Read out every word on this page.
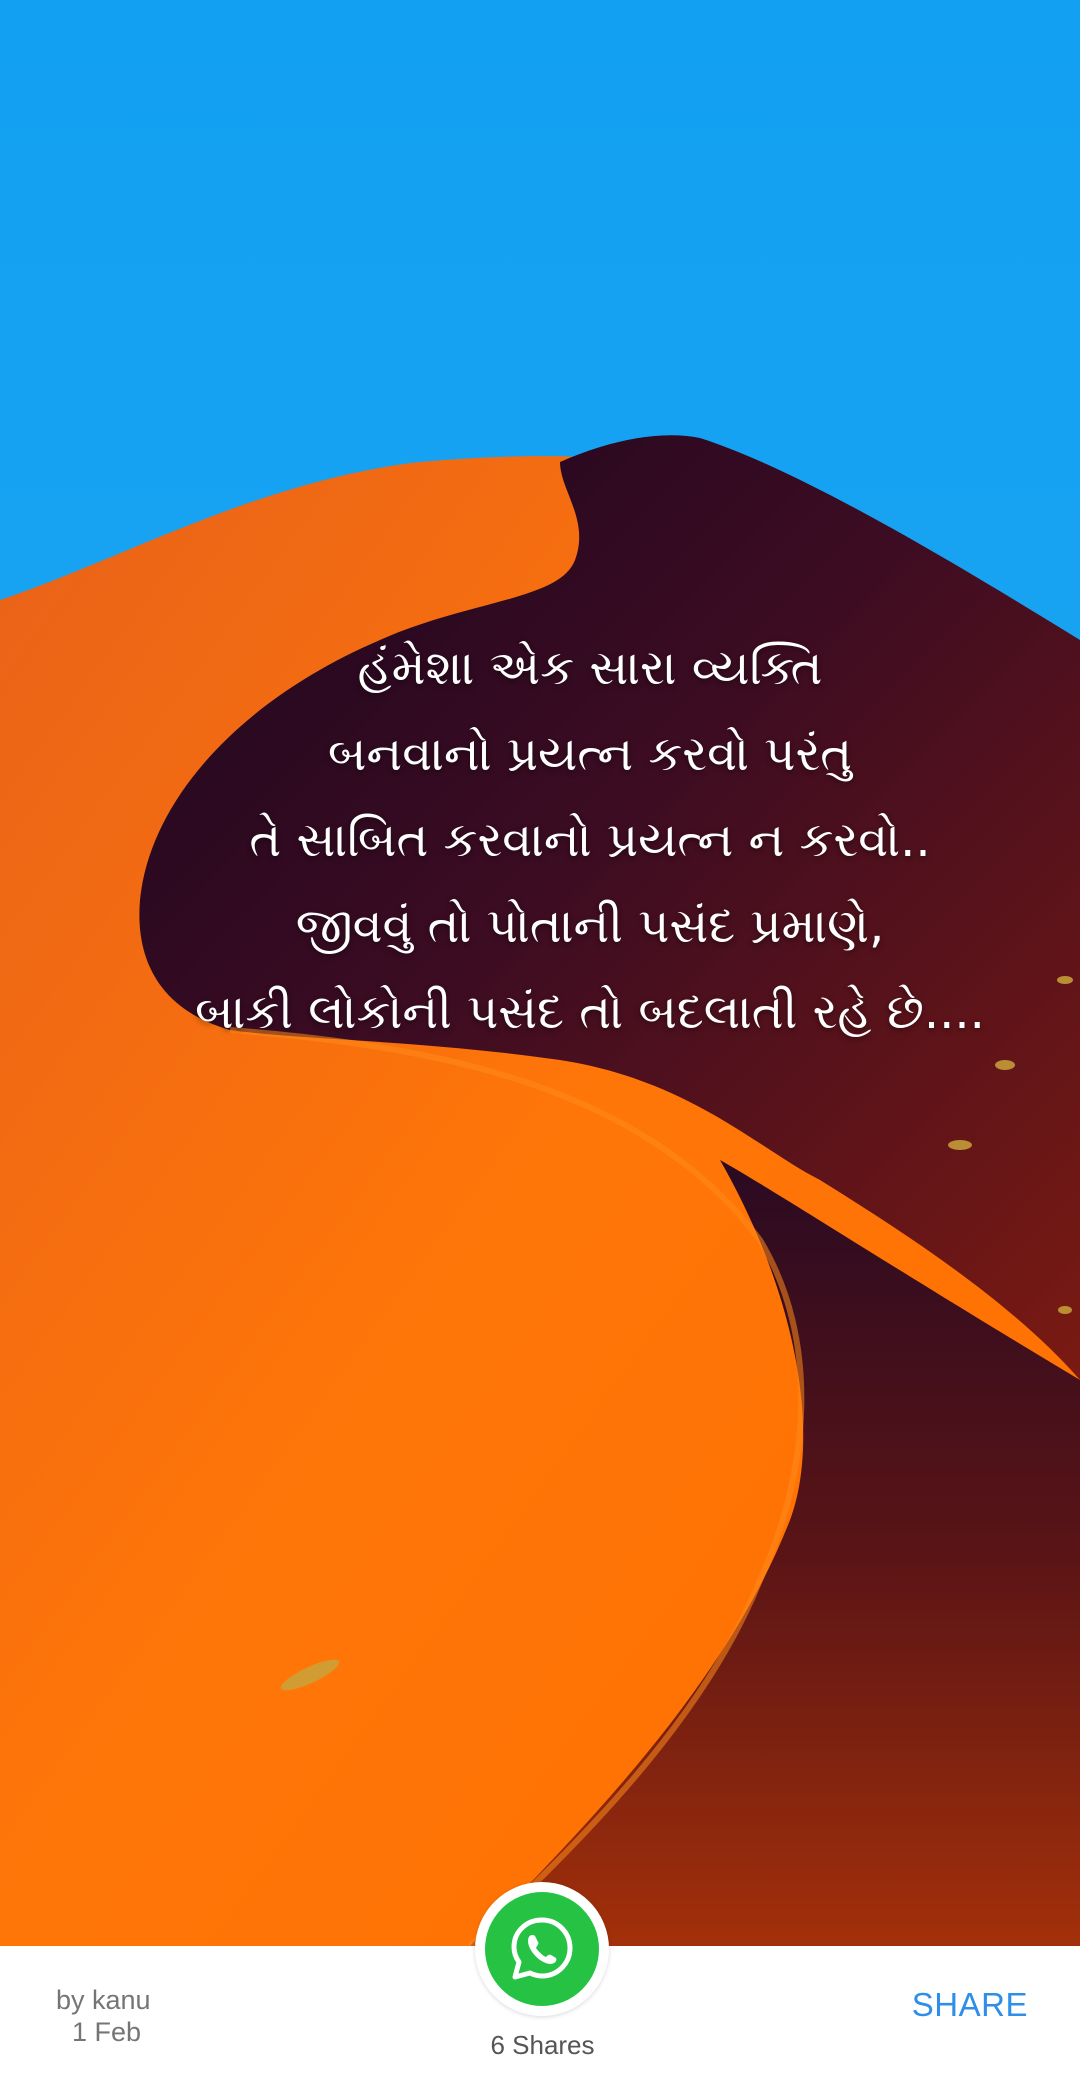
હંમેશા એક સારા વ્યક્તિ
બનવાનો પ્રયત્ન કરવો પરંતુ
તે સાબિત કરવાનો પ્રયત્ન ન કરવો..
જીવવું તો પોતાની પસંદ પ્રમાણે,
બાકી લોકોની પસંદ તો બદલાતી રહે છે....
by kanu
1 Feb	6 Shares
SHARE
